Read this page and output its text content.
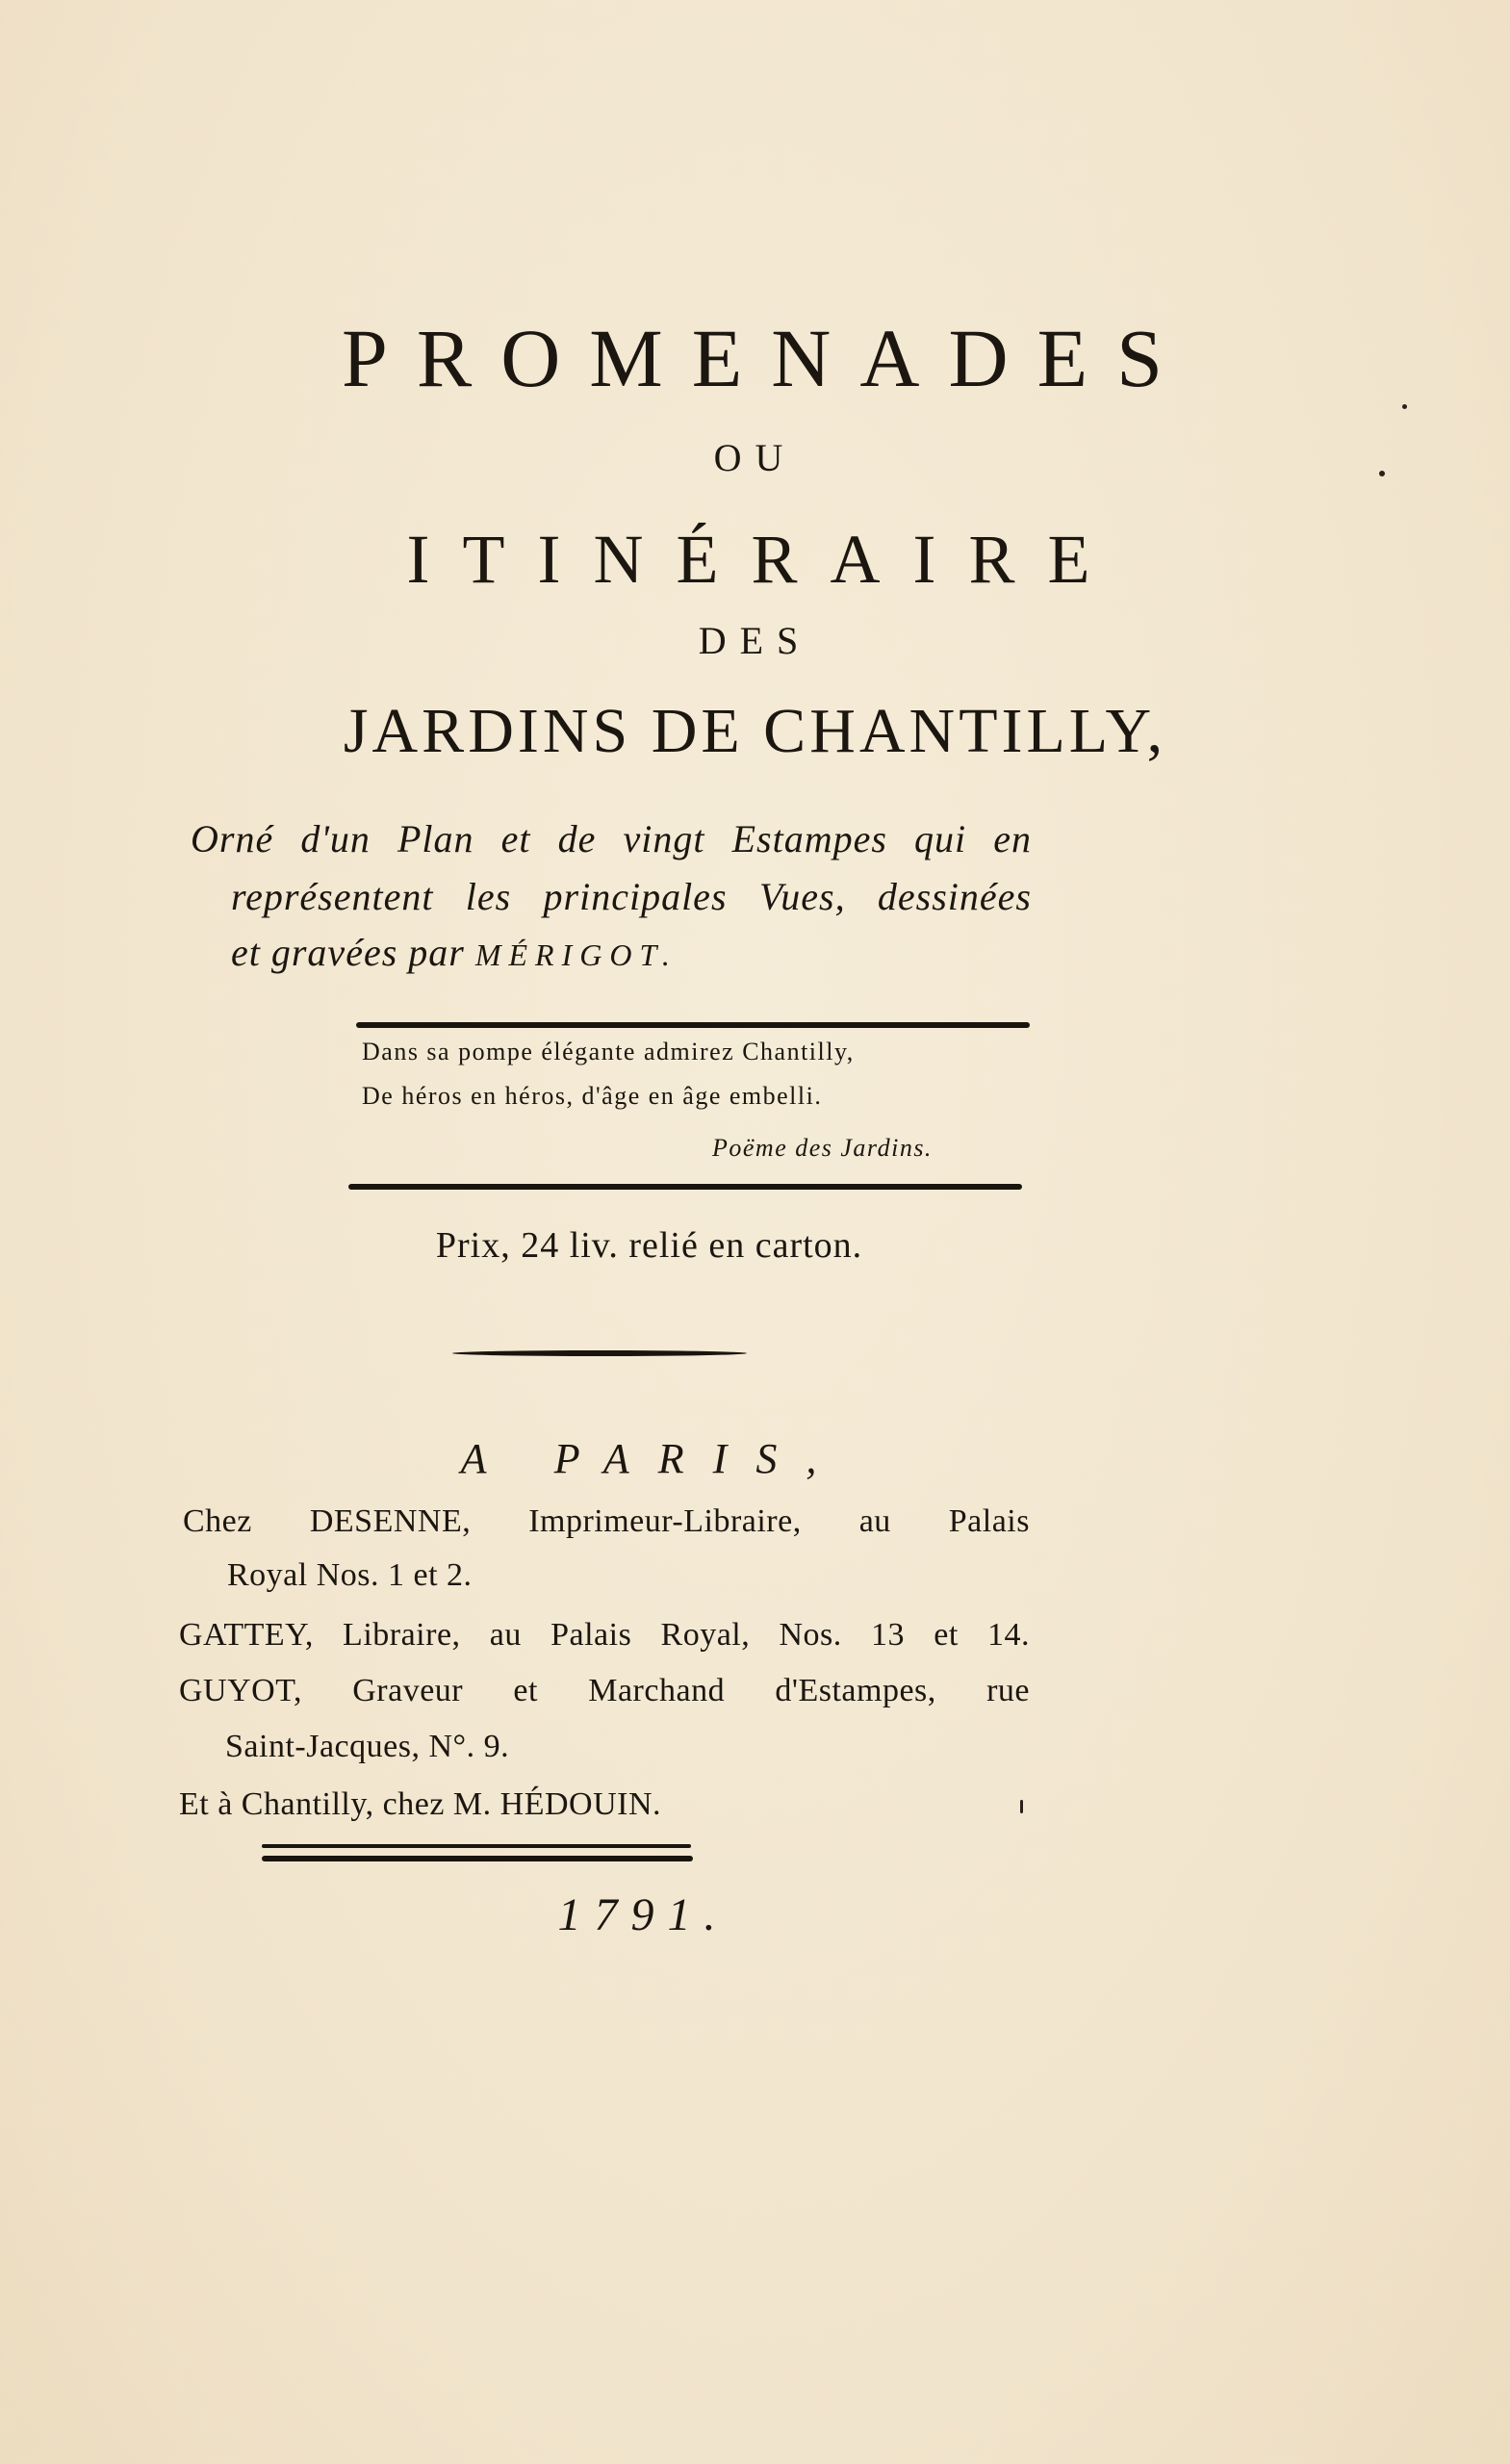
PROMENADES
OU
ITINÉRAIRE
DES
JARDINS DE CHANTILLY,
Orné d'un Plan et de vingt Estampes qui en
représentent les principales Vues, dessinées
et gravées par MÉRIGOT.
Dans sa pompe élégante admirez Chantilly,
De héros en héros, d'âge en âge embelli.
Poëme des Jardins.
Prix, 24 liv. relié en carton.
A PARIS,
Chez DESENNE, Imprimeur-Libraire, au Palais
Royal Nos. 1 et 2.
GATTEY, Libraire, au Palais Royal, Nos. 13 et 14.
GUYOT, Graveur et Marchand d'Estampes, rue
Saint-Jacques, N°. 9.
Et à Chantilly, chez M. HÉDOUIN.
1791.
